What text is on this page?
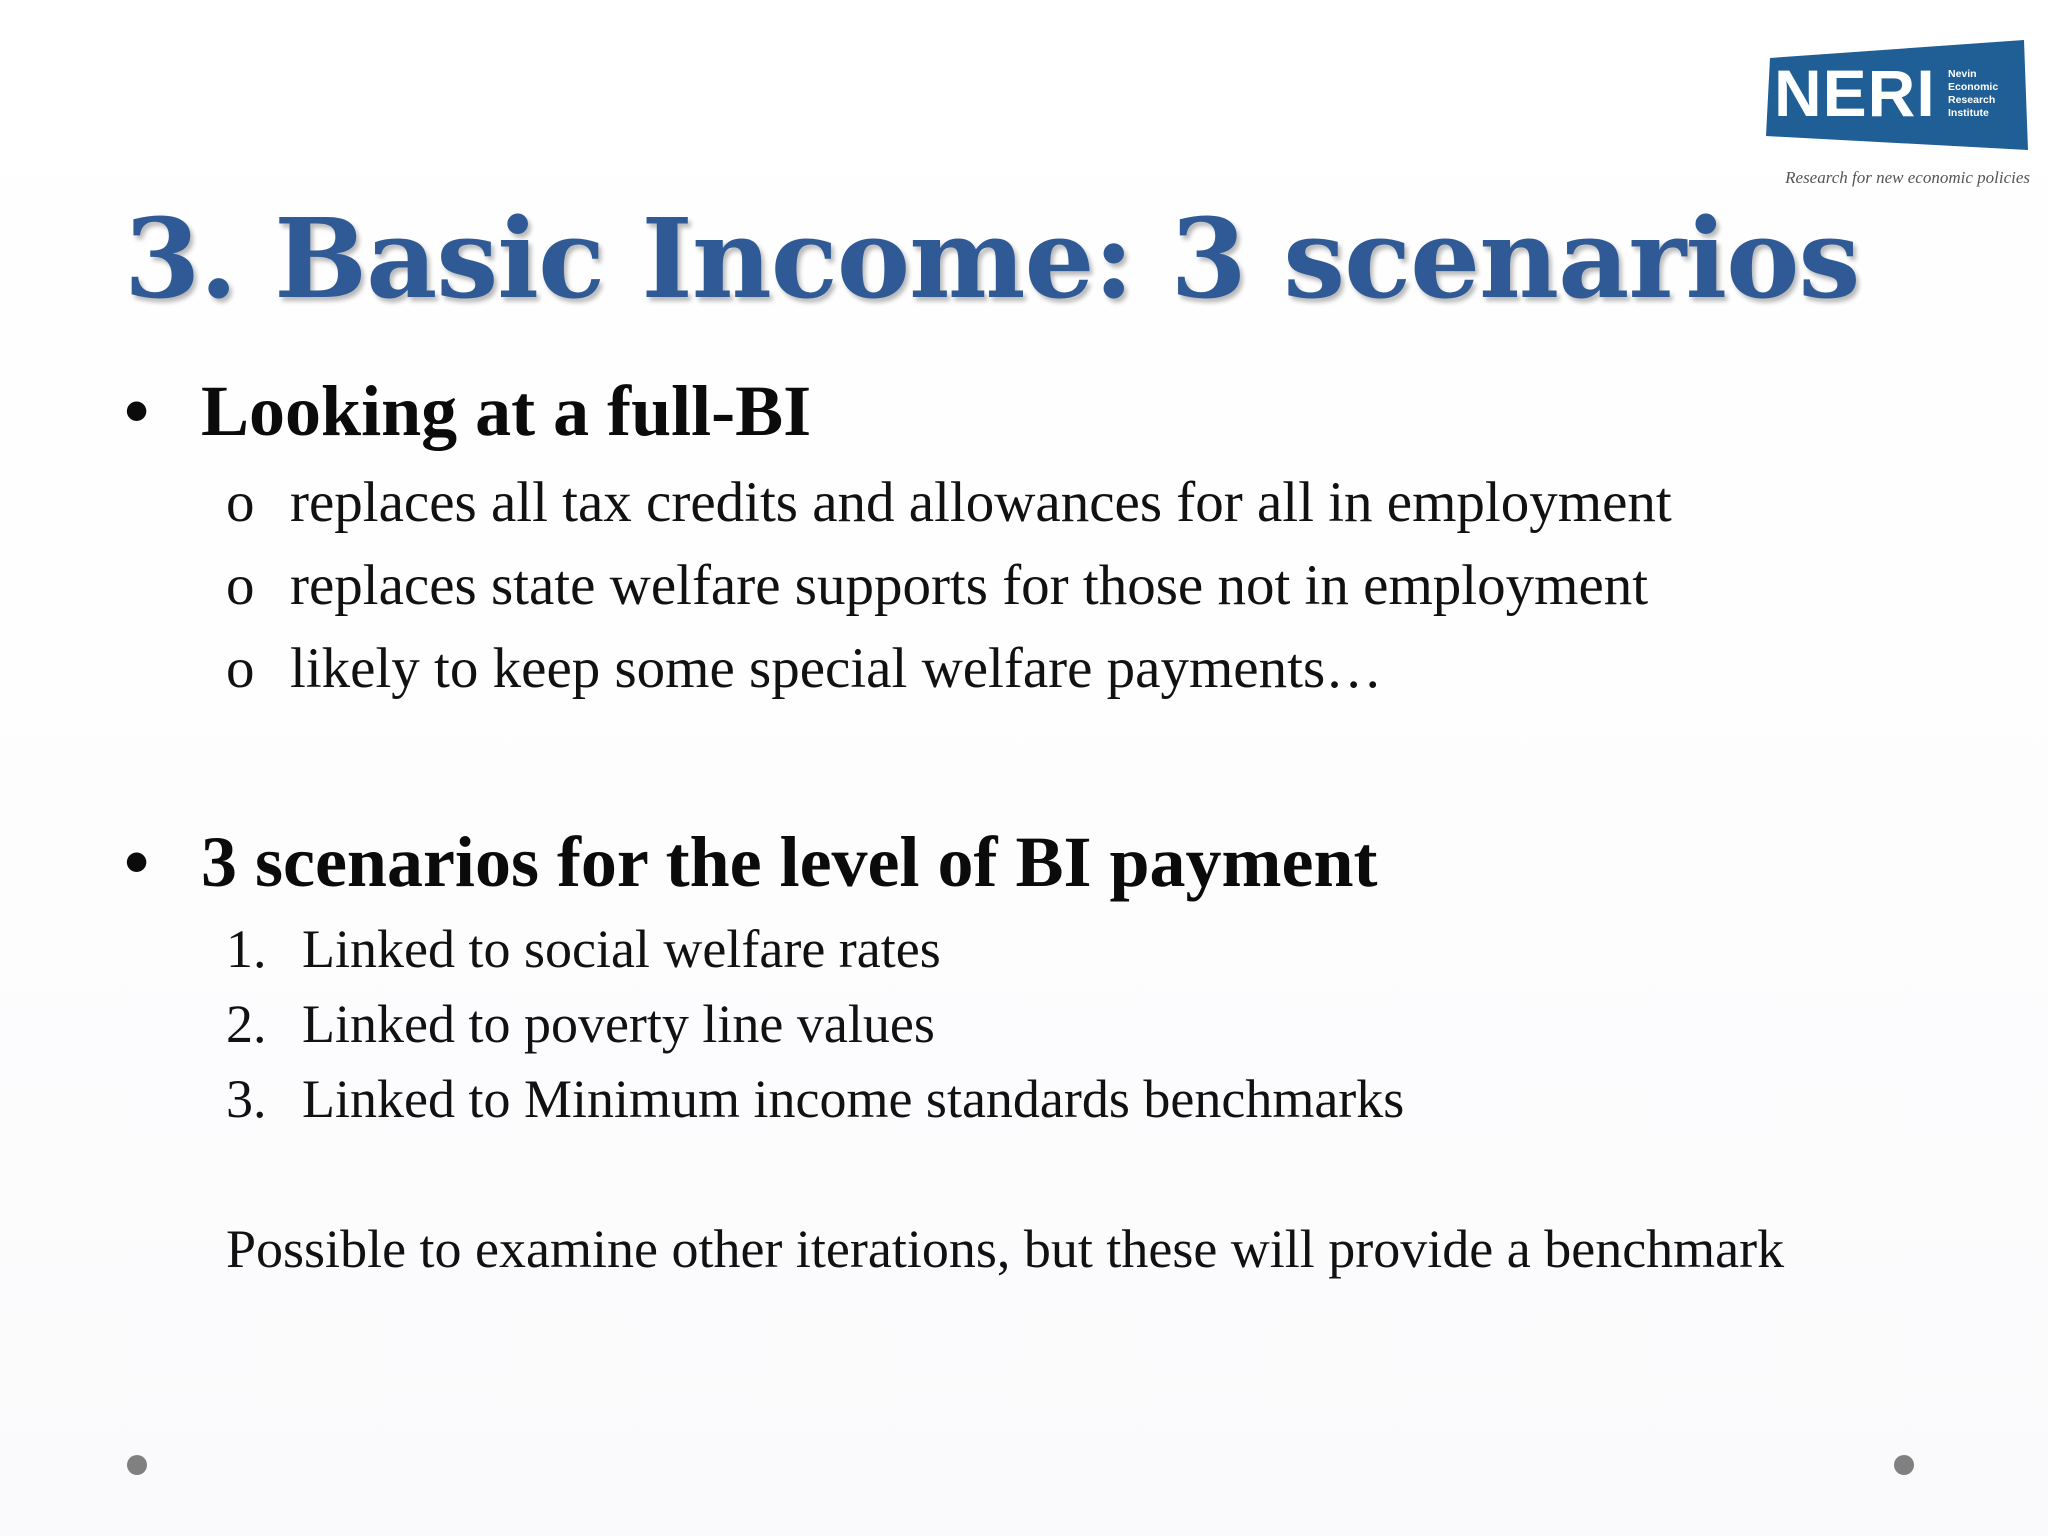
NERI Nevin
Economic
Research
Institute
Research for new economic policies
3. Basic Income: 3 scenarios
• Looking at a full-BI
o replaces all tax credits and allowances for all in employment
o replaces state welfare supports for those not in employment
o likely to keep some special welfare payments…
• 3 scenarios for the level of BI payment
1. Linked to social welfare rates
2. Linked to poverty line values
3. Linked to Minimum income standards benchmarks
Possible to examine other iterations, but these will provide a benchmark
